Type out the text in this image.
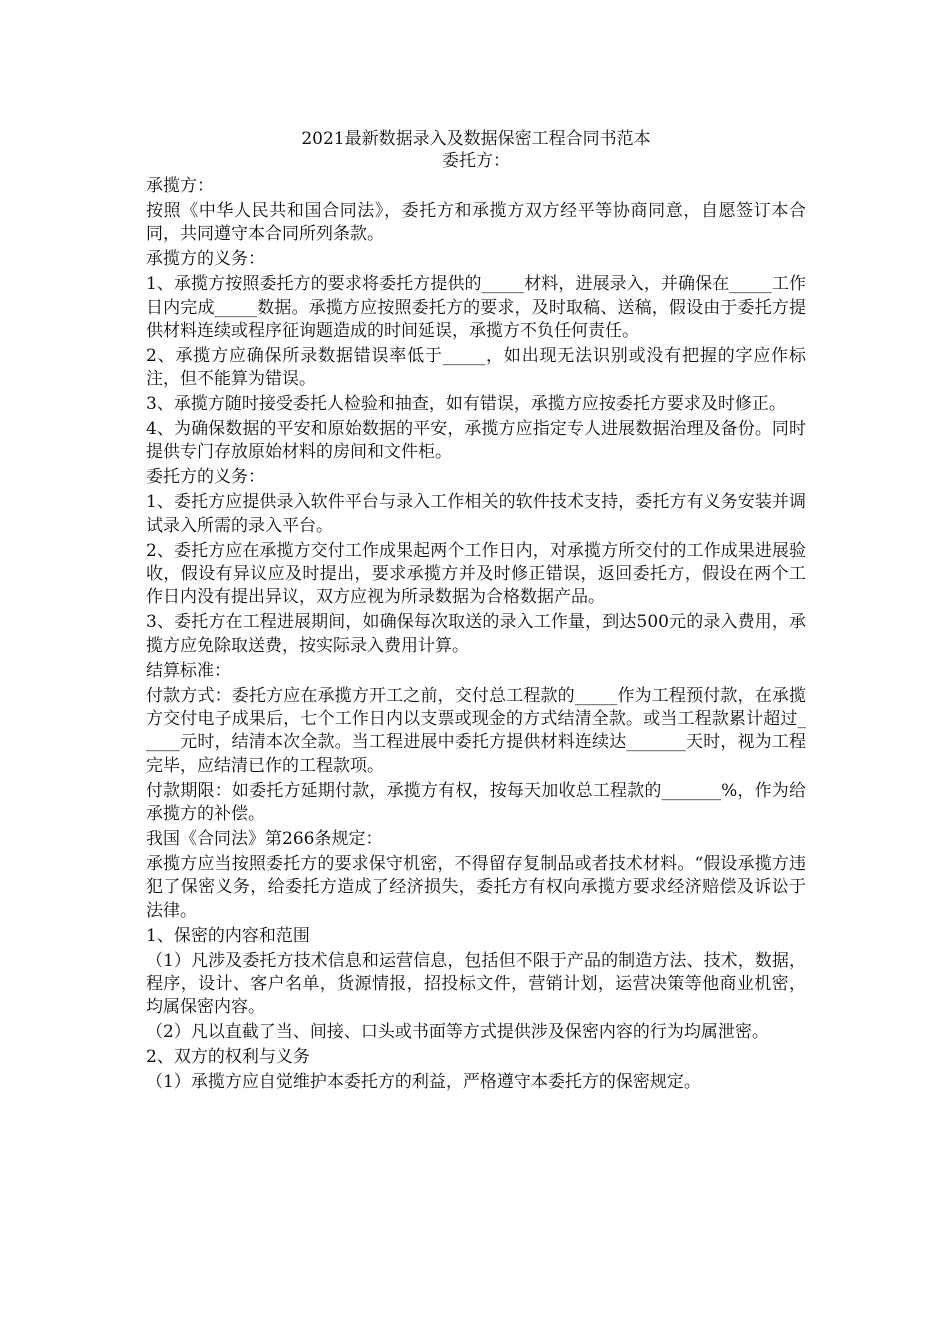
2021最新数据录入及数据保密工程合同书范本
委托方：

承揽方：

按照《中华人民共和国合同法》，委托方和承揽方双方经平等协商同意，自愿签订本合同，共同遵守本合同所列条款。

承揽方的义务：

1、承揽方按照委托方的要求将委托方提供的_____材料，进展录入，并确保在_____工作日内完成_____数据。承揽方应按照委托方的要求，及时取稿、送稿，假设由于委托方提供材料连续或程序征询题造成的时间延误，承揽方不负任何责任。

2、承揽方应确保所录数据错误率低于_____，如出现无法识别或没有把握的字应作标注，但不能算为错误。

3、承揽方随时接受委托人检验和抽查，如有错误，承揽方应按委托方要求及时修正。

4、为确保数据的平安和原始数据的平安，承揽方应指定专人进展数据治理及备份。同时提供专门存放原始材料的房间和文件柜。

委托方的义务：

1、委托方应提供录入软件平台与录入工作相关的软件技术支持，委托方有义务安装并调试录入所需的录入平台。

2、委托方应在承揽方交付工作成果起两个工作日内，对承揽方所交付的工作成果进展验收，假设有异议应及时提出，要求承揽方并及时修正错误，返回委托方，假设在两个工作日内没有提出异议，双方应视为所录数据为合格数据产品。

3、委托方在工程进展期间，如确保每次取送的录入工作量，到达500元的录入费用，承揽方应免除取送费，按实际录入费用计算。

结算标准：

付款方式：委托方应在承揽方开工之前，交付总工程款的_____作为工程预付款，在承揽方交付电子成果后，七个工作日内以支票或现金的方式结清全款。或当工程款累计超过_____元时，结清本次全款。当工程进展中委托方提供材料连续达_______天时，视为工程完毕，应结清已作的工程款项。

付款期限：如委托方延期付款，承揽方有权，按每天加收总工程款的_______%，作为给承揽方的补偿。

我国《合同法》第266条规定：

承揽方应当按照委托方的要求保守机密，不得留存复制品或者技术材料。“假设承揽方违犯了保密义务，给委托方造成了经济损失，委托方有权向承揽方要求经济赔偿及诉讼于法律。

1、保密的内容和范围

（1）凡涉及委托方技术信息和运营信息，包括但不限于产品的制造方法、技术，数据，程序，设计、客户名单，货源情报，招投标文件，营销计划，运营决策等他商业机密，均属保密内容。

（2）凡以直截了当、间接、口头或书面等方式提供涉及保密内容的行为均属泄密。

2、双方的权利与义务

（1）承揽方应自觉维护本委托方的利益，严格遵守本委托方的保密规定。
